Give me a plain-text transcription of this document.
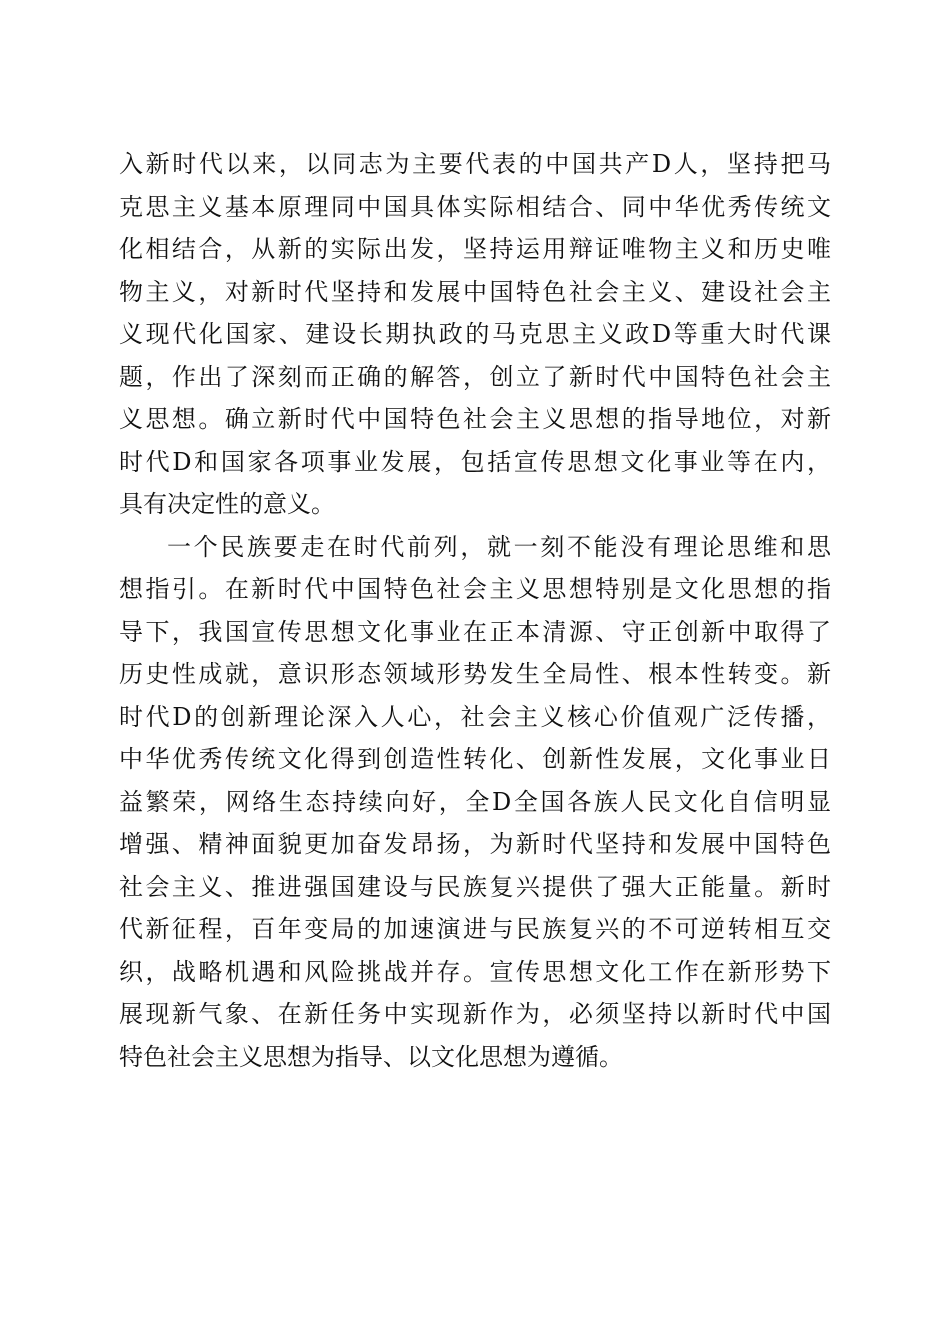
入新时代以来，以同志为主要代表的中国共产D人，坚持把马
克思主义基本原理同中国具体实际相结合、同中华优秀传统文
化相结合，从新的实际出发，坚持运用辩证唯物主义和历史唯
物主义，对新时代坚持和发展中国特色社会主义、建设社会主
义现代化国家、建设长期执政的马克思主义政D等重大时代课
题，作出了深刻而正确的解答，创立了新时代中国特色社会主
义思想。确立新时代中国特色社会主义思想的指导地位，对新
时代D和国家各项事业发展，包括宣传思想文化事业等在内，
具有决定性的意义。
一个民族要走在时代前列，就一刻不能没有理论思维和思
想指引。在新时代中国特色社会主义思想特别是文化思想的指
导下，我国宣传思想文化事业在正本清源、守正创新中取得了
历史性成就，意识形态领域形势发生全局性、根本性转变。新
时代D的创新理论深入人心，社会主义核心价值观广泛传播，
中华优秀传统文化得到创造性转化、创新性发展，文化事业日
益繁荣，网络生态持续向好，全D全国各族人民文化自信明显
增强、精神面貌更加奋发昂扬，为新时代坚持和发展中国特色
社会主义、推进强国建设与民族复兴提供了强大正能量。新时
代新征程，百年变局的加速演进与民族复兴的不可逆转相互交
织，战略机遇和风险挑战并存。宣传思想文化工作在新形势下
展现新气象、在新任务中实现新作为，必须坚持以新时代中国
特色社会主义思想为指导、以文化思想为遵循。
